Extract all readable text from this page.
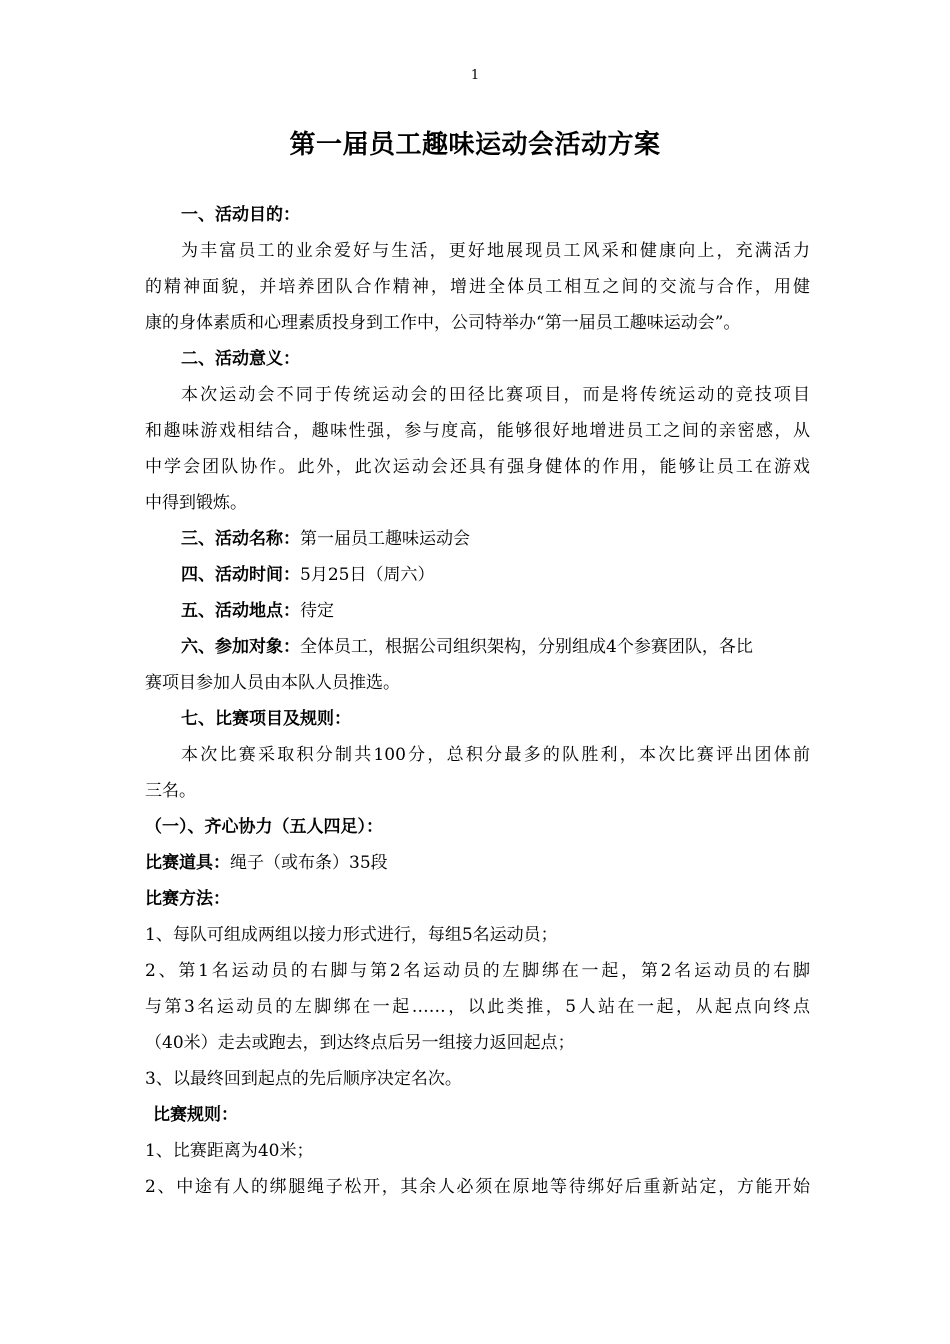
1
第一届员工趣味运动会活动方案
一、活动目的：
为丰富员工的业余爱好与生活，更好地展现员工风采和健康向上，充满活力
的精神面貌，并培养团队合作精神，增进全体员工相互之间的交流与合作，用健
康的身体素质和心理素质投身到工作中，公司特举办“第一届员工趣味运动会”。
二、活动意义：
本次运动会不同于传统运动会的田径比赛项目，而是将传统运动的竞技项目
和趣味游戏相结合，趣味性强，参与度高，能够很好地增进员工之间的亲密感，从
中学会团队协作。此外，此次运动会还具有强身健体的作用，能够让员工在游戏
中得到锻炼。
三、活动名称：第一届员工趣味运动会
四、活动时间：5月25日（周六）
五、活动地点：待定
六、参加对象：全体员工，根据公司组织架构，分别组成4个参赛团队，各比
赛项目参加人员由本队人员推选。
七、比赛项目及规则：
本次比赛采取积分制共100分，总积分最多的队胜利，本次比赛评出团体前
三名。
（一）、齐心协力（五人四足）：
比赛道具：绳子（或布条）35段
比赛方法：
1、每队可组成两组以接力形式进行，每组5名运动员；
2、第1名运动员的右脚与第2名运动员的左脚绑在一起，第2名运动员的右脚
与第3名运动员的左脚绑在一起……，以此类推，5人站在一起，从起点向终点
（40米）走去或跑去，到达终点后另一组接力返回起点；
3、以最终回到起点的先后顺序决定名次。
比赛规则：
1、比赛距离为40米；
2、中途有人的绑腿绳子松开，其余人必须在原地等待绑好后重新站定，方能开始
